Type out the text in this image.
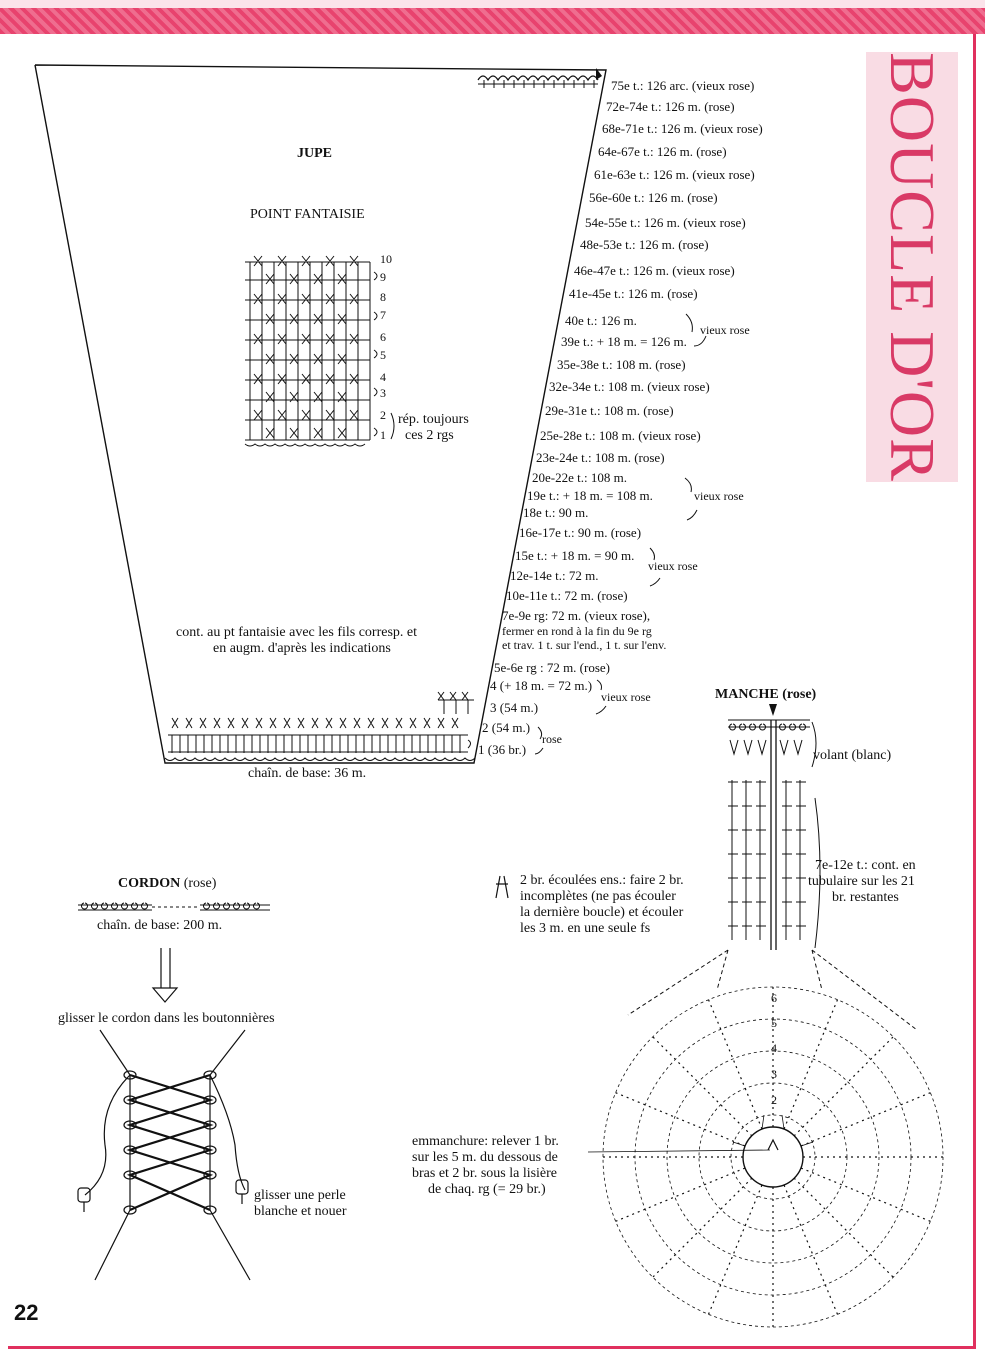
BOUCLE D'OR
JUPE
POINT FANTAISIE
10
9
8
7
6
5
4
3
2
1
rép. toujours
ces 2 rgs
cont. au pt fantaisie avec les fils corresp. et
en augm. d'après les indications
chaîn. de base: 36 m.
75e t.: 126 arc. (vieux rose)
72e-74e t.: 126 m. (rose)
68e-71e t.: 126 m. (vieux rose)
64e-67e t.: 126 m. (rose)
61e-63e t.: 126 m. (vieux rose)
56e-60e t.: 126 m. (rose)
54e-55e t.: 126 m. (vieux rose)
48e-53e t.: 126 m. (rose)
46e-47e t.: 126 m. (vieux rose)
41e-45e t.: 126 m. (rose)
40e t.: 126 m.
39e t.: + 18 m. = 126 m.
35e-38e t.: 108 m. (rose)
32e-34e t.: 108 m. (vieux rose)
29e-31e t.: 108 m. (rose)
25e-28e t.: 108 m. (vieux rose)
23e-24e t.: 108 m. (rose)
20e-22e t.: 108 m.
19e t.: + 18 m. = 108 m.
18e t.: 90 m.
16e-17e t.: 90 m. (rose)
15e t.: + 18 m. = 90 m.
12e-14e t.: 72 m.
10e-11e t.: 72 m. (rose)
7e-9e rg: 72 m. (vieux rose),
fermer en rond à la fin du 9e rg
et trav. 1 t. sur l'end., 1 t. sur l'env.
5e-6e rg : 72 m. (rose)
4 (+ 18 m. = 72 m.)
3 (54 m.)
2 (54 m.)
1 (36 br.)
vieux rose
vieux rose
vieux rose
vieux rose
rose
CORDON (rose)
chaîn. de base: 200 m.
glisser le cordon dans les boutonnières
glisser une perle
blanche et nouer
MANCHE (rose)
volant (blanc)
7e-12e t.: cont. en
tubulaire sur les 21
br. restantes
2 br. écoulées ens.: faire 2 br.
incomplètes (ne pas écouler
la dernière boucle) et écouler
les 3 m. en une seule fs
6
5
4
3
2
emmanchure: relever 1 br.
sur les 5 m. du dessous de
bras et 2 br. sous la lisière
de chaq. rg (= 29 br.)
22
